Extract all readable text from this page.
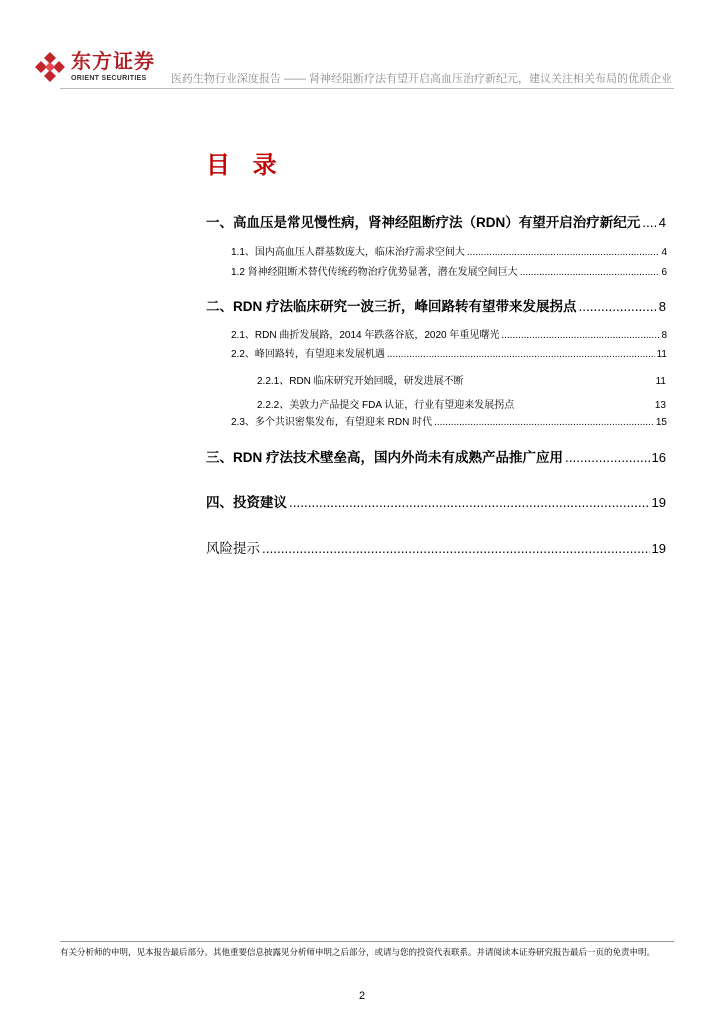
东方证券
ORIENT SECURITIES	医药生物行业深度报告 —— 肾神经阻断疗法有望开启高血压治疗新纪元，建议关注相关布局的优质企业
目 录
一、高血压是常见慢性病，肾神经阻断疗法（RDN）有望开启治疗新纪元 ..... 4
1.1、国内高血压人群基数庞大，临床治疗需求空间大 .....	4
1.2 肾神经阻断术替代传统药物治疗优势显著，潜在发展空间巨大 .....	6
二、RDN 疗法临床研究一波三折，峰回路转有望带来发展拐点 .....	8
2.1、RDN 曲折发展路，2014 年跌落谷底，2020 年重见曙光 .....	8
2.2、峰回路转，有望迎来发展机遇 .....	11
2.2.1、RDN 临床研究开始回暖，研发进展不断	11
2.2.2、美敦力产品提交 FDA 认证，行业有望迎来发展拐点	13
2.3、多个共识密集发布，有望迎来 RDN 时代 .....	15
三、RDN 疗法技术壁垒高，国内外尚未有成熟产品推广应用 .....	16
四、投资建议 .....	19
风险提示 .....	19
有关分析师的申明，见本报告最后部分。其他重要信息披露见分析师申明之后部分，或请与您的投资代表联系。并请阅读本证券研究报告最后一页的免责申明。
2
